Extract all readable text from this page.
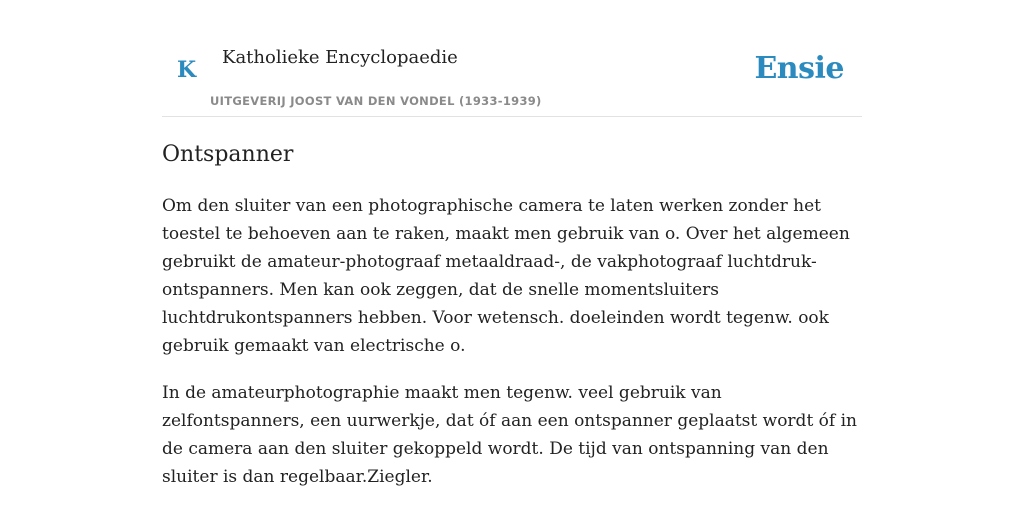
K Katholieke Encyclopaedie
UITGEVERIJ JOOST VAN DEN VONDEL (1933-1939)
Ensie
Ontspanner

Om den sluiter van een photographische camera te laten werken zonder het toestel te behoeven aan te raken, maakt men gebruik van o. Over het algemeen gebruikt de amateur-photograaf metaaldraad-, de vakphotograaf luchtdruk-ontspanners. Men kan ook zeggen, dat de snelle momentsluiters luchtdrukontspanners hebben. Voor wetensch. doeleinden wordt tegenw. ook gebruik gemaakt van electrische o.

In de amateurphotographie maakt men tegenw. veel gebruik van zelfontspanners, een uurwerkje, dat óf aan een ontspanner geplaatst wordt óf in de camera aan den sluiter gekoppeld wordt. De tijd van ontspanning van den sluiter is dan regelbaar.Ziegler.
